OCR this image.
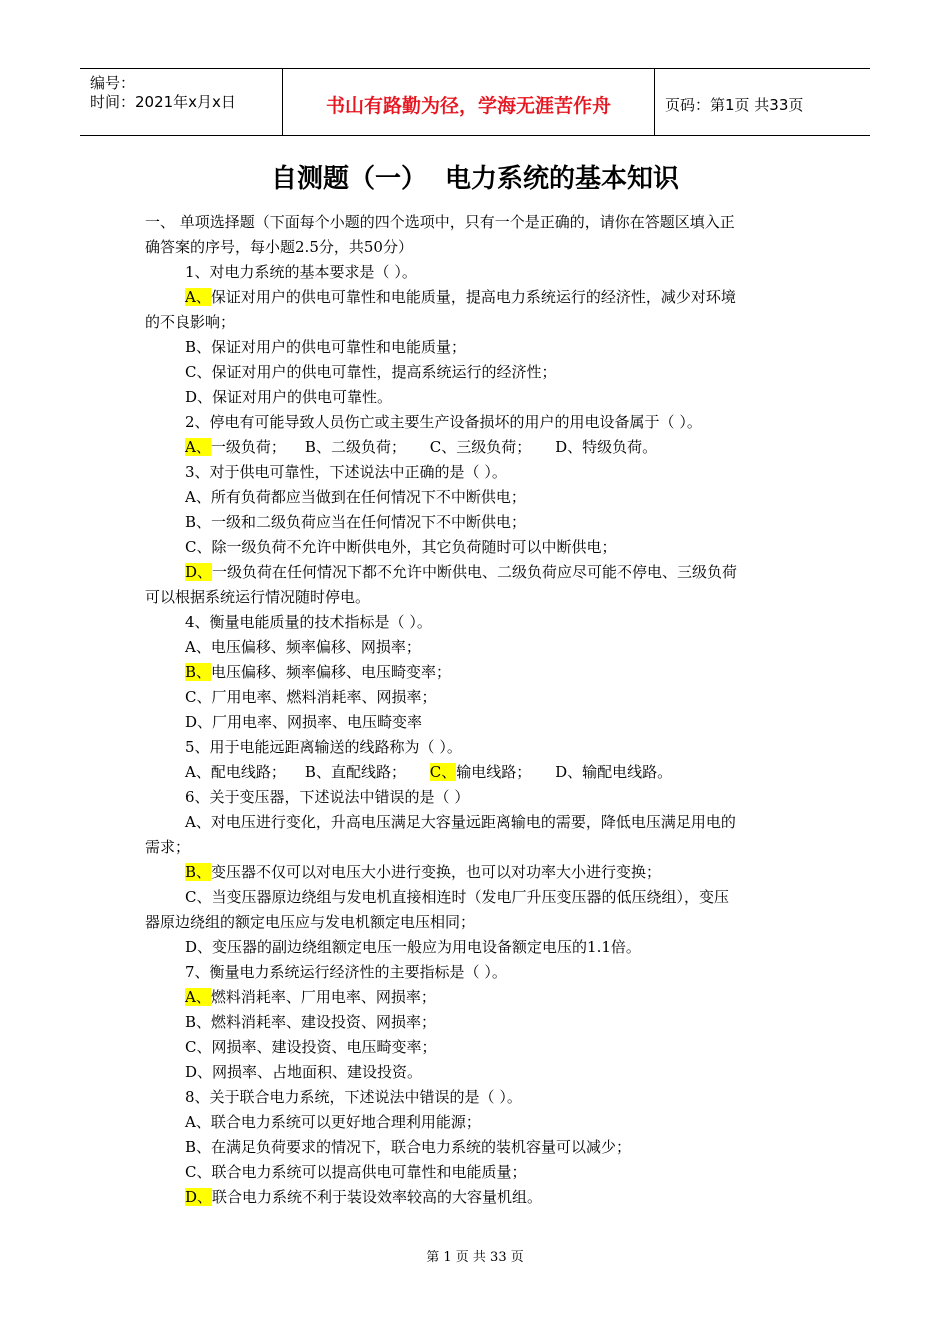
编号：
时间：2021年x月x日	书山有路勤为径，学海无涯苦作舟	页码：第1页 共33页
自测题（一）  电力系统的基本知识

一、 单项选择题（下面每个小题的四个选项中，只有一个是正确的，请你在答题区填入正

确答案的序号，每小题2.5分，共50分）

1、对电力系统的基本要求是（ ）。

A、保证对用户的供电可靠性和电能质量，提高电力系统运行的经济性，减少对环境

的不良影响；

B、保证对用户的供电可靠性和电能质量；

C、保证对用户的供电可靠性，提高系统运行的经济性；

D、保证对用户的供电可靠性。

2、停电有可能导致人员伤亡或主要生产设备损坏的用户的用电设备属于（ ）。

A、一级负荷；    B、二级负荷；     C、三级负荷；     D、特级负荷。

3、对于供电可靠性，下述说法中正确的是（ ）。

A、所有负荷都应当做到在任何情况下不中断供电；

B、一级和二级负荷应当在任何情况下不中断供电；

C、除一级负荷不允许中断供电外，其它负荷随时可以中断供电；

D、一级负荷在任何情况下都不允许中断供电、二级负荷应尽可能不停电、三级负荷

可以根据系统运行情况随时停电。

4、衡量电能质量的技术指标是（ ）。

A、电压偏移、频率偏移、网损率；

B、电压偏移、频率偏移、电压畸变率；

C、厂用电率、燃料消耗率、网损率；

D、厂用电率、网损率、电压畸变率

5、用于电能远距离输送的线路称为（ ）。

A、配电线路；    B、直配线路； C、输电线路；     D、输配电线路。

6、关于变压器，下述说法中错误的是（ ）

A、对电压进行变化，升高电压满足大容量远距离输电的需要，降低电压满足用电的

需求；

B、变压器不仅可以对电压大小进行变换，也可以对功率大小进行变换；

C、当变压器原边绕组与发电机直接相连时（发电厂升压变压器的低压绕组），变压

器原边绕组的额定电压应与发电机额定电压相同；

D、变压器的副边绕组额定电压一般应为用电设备额定电压的1.1倍。

7、衡量电力系统运行经济性的主要指标是（ ）。

A、燃料消耗率、厂用电率、网损率；

B、燃料消耗率、建设投资、网损率；

C、网损率、建设投资、电压畸变率；

D、网损率、占地面积、建设投资。

8、关于联合电力系统，下述说法中错误的是（ ）。

A、联合电力系统可以更好地合理利用能源；

B、在满足负荷要求的情况下，联合电力系统的装机容量可以减少；

C、联合电力系统可以提高供电可靠性和电能质量；

D、联合电力系统不利于装设效率较高的大容量机组。

第 1 页 共 33 页
